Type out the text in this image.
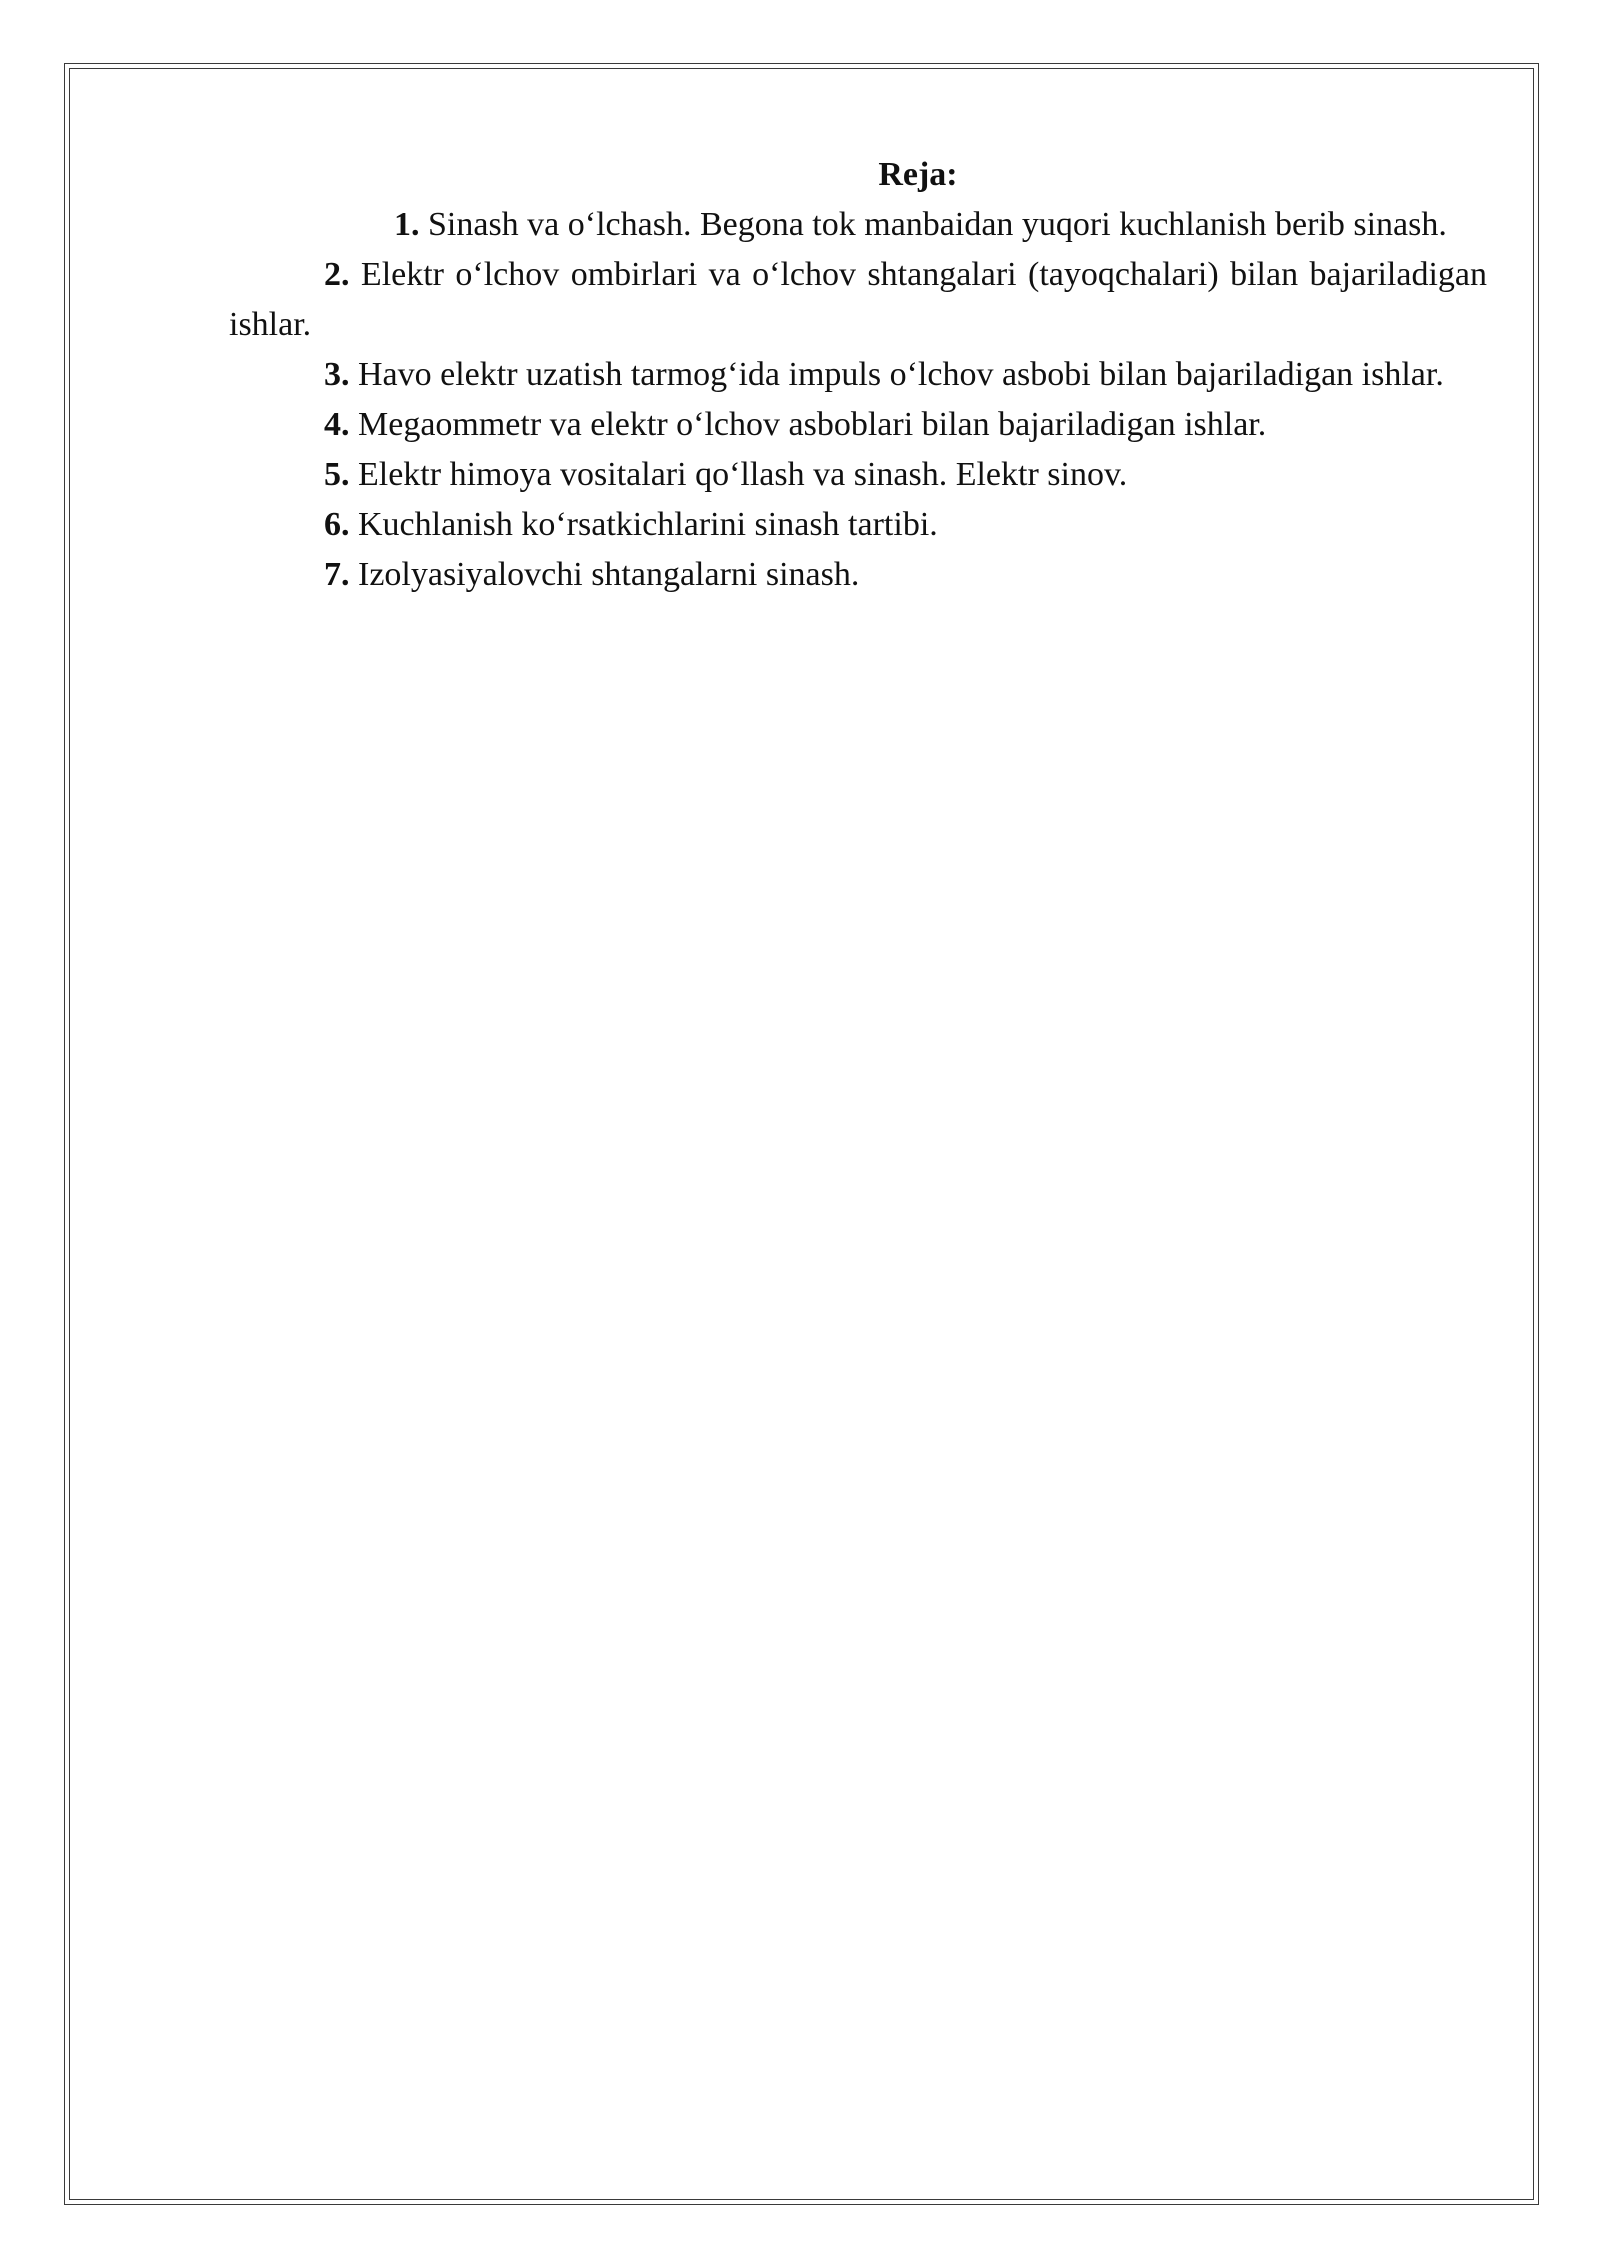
Reja:

1. Sinash va o‘lchash. Begona tok manbaidan yuqori kuchlanish berib sinash.

2. Elektr o‘lchov ombirlari va o‘lchov shtangalari (tayoqchalari) bilan bajariladigan ishlar.

3. Havo elektr uzatish tarmog‘ida impuls o‘lchov asbobi bilan bajariladigan ishlar.

4. Megaommetr va elektr o‘lchov asboblari bilan bajariladigan ishlar.

5. Elektr himoya vositalari qo‘llash va sinash. Elektr sinov.

6. Kuchlanish ko‘rsatkichlarini sinash tartibi.

7. Izolyasiyalovchi shtangalarni sinash.
